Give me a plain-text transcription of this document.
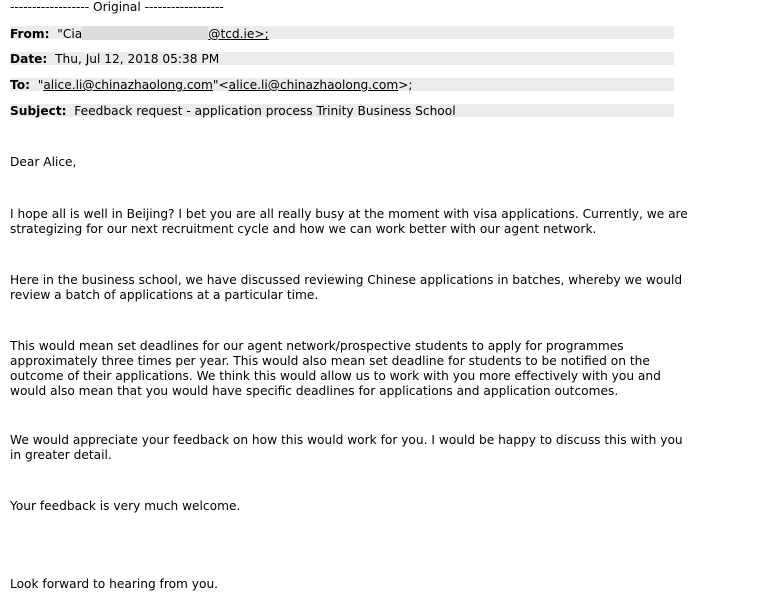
------------------ Original ------------------
From: "Cia	@tcd.ie>;
Date: Thu, Jul 12, 2018 05:38 PM
To: "alice.li@chinazhaolong.com"<alice.li@chinazhaolong.com>;
Subject: Feedback request - application process Trinity Business School

Dear Alice,

I hope all is well in Beijing? I bet you are all really busy at the moment with visa applications. Currently, we are strategizing for our next recruitment cycle and how we can work better with our agent network.

Here in the business school, we have discussed reviewing Chinese applications in batches, whereby we would review a batch of applications at a particular time.

This would mean set deadlines for our agent network/prospective students to apply for programmes approximately three times per year. This would also mean set deadline for students to be notified on the outcome of their applications. We think this would allow us to work with you more effectively with you and would also mean that you would have specific deadlines for applications and application outcomes.

We would appreciate your feedback on how this would work for you. I would be happy to discuss this with you in greater detail.

Your feedback is very much welcome.

Look forward to hearing from you.
